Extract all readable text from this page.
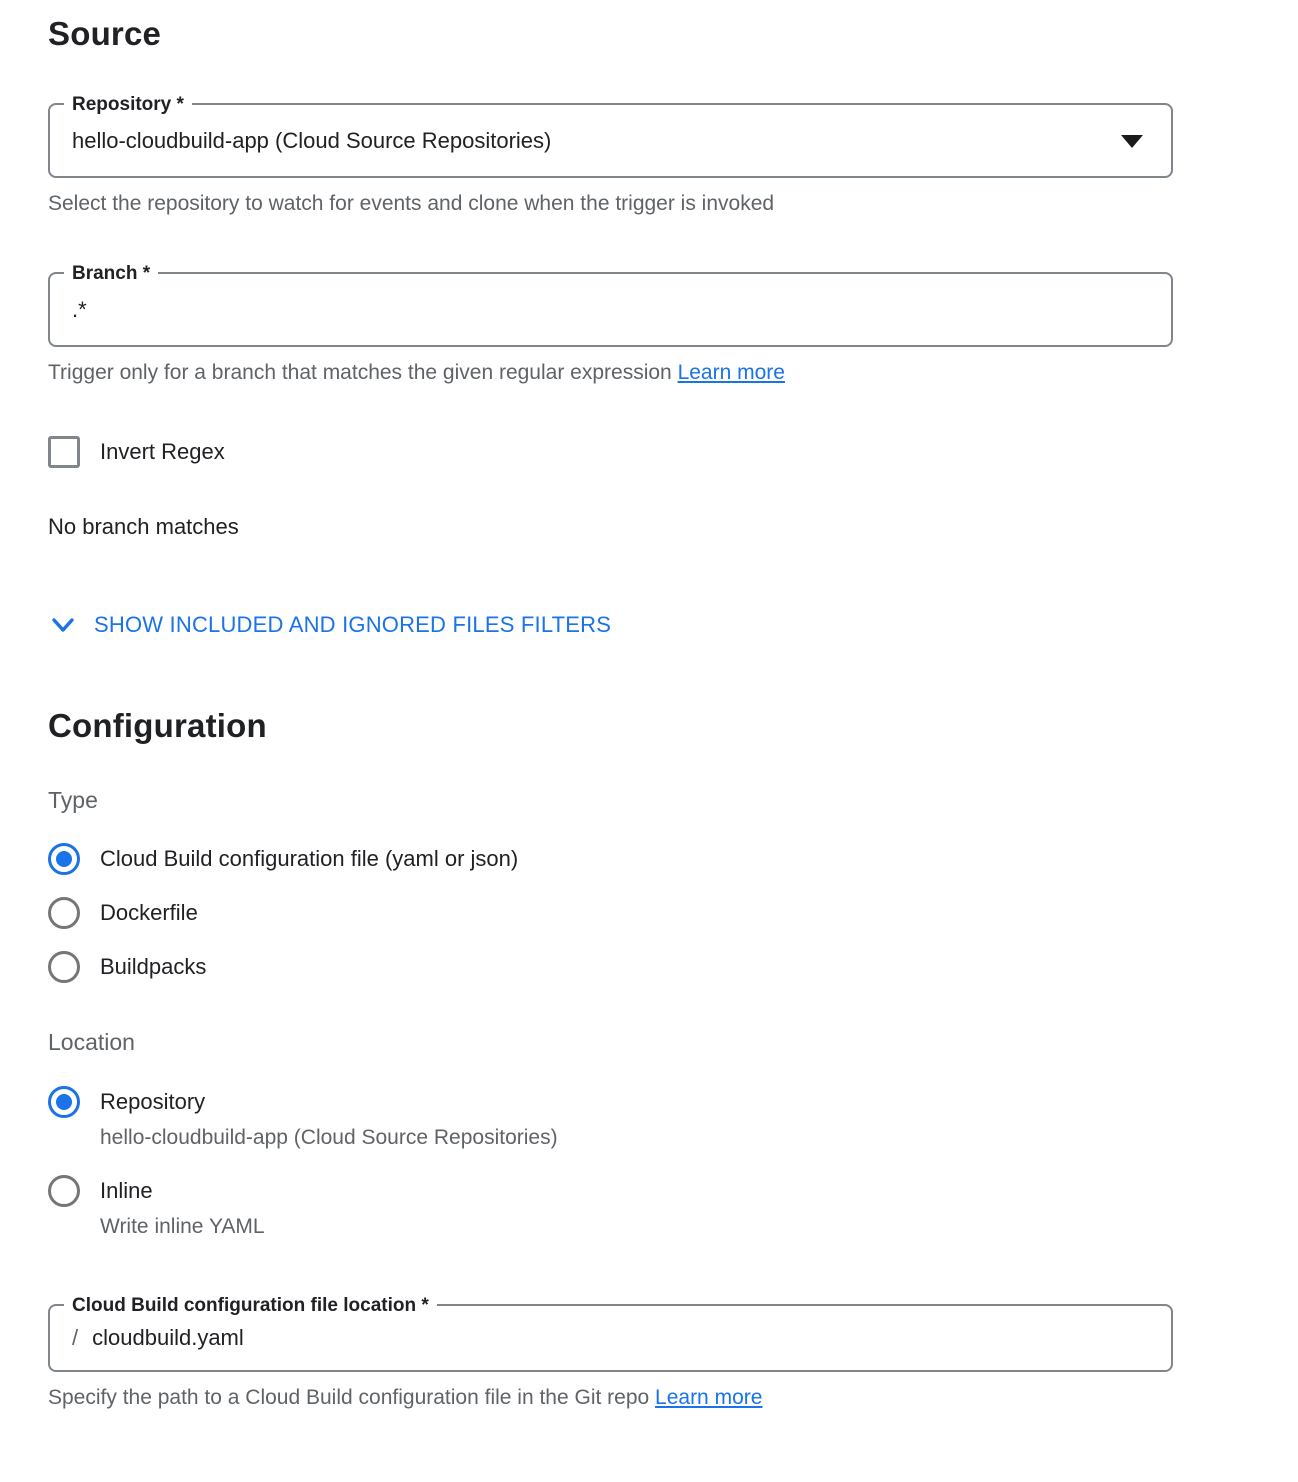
Source
Repository *
hello-cloudbuild-app (Cloud Source Repositories)

Select the repository to watch for events and clone when the trigger is invoked

Branch *
.*

Trigger only for a branch that matches the given regular expression Learn more

Invert Regex

No branch matches

SHOW INCLUDED AND IGNORED FILES FILTERS
Configuration

Type

Cloud Build configuration file (yaml or json)
Dockerfile
Buildpacks

Location

Repository

hello-cloudbuild-app (Cloud Source Repositories)

Inline

Write inline YAML

Cloud Build configuration file location *
/
cloudbuild.yaml

Specify the path to a Cloud Build configuration file in the Git repo Learn more
